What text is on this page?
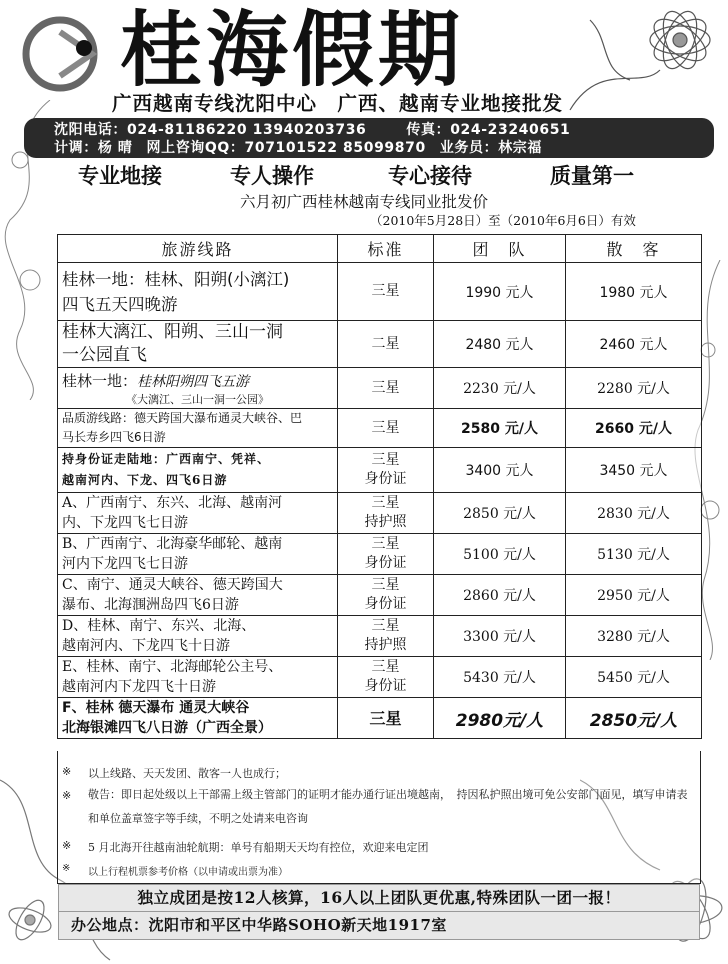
桂海假期
广西越南专线沈阳中心　广西、越南专业地接批发
沈阳电话：024-81186220 13940203736	传真：024-23240651
计调：杨 晴 网上咨询QQ：707101522 85099870 业务员：林宗福
专业地接	专人操作	专心接待	质量第一
六月初广西桂林越南专线同业批发价
（2010年5月28日）至（2010年6月6日）有效
旅游线路	标准	团　队	散　客
桂林一地：桂林、阳朔(小漓江)
四飞五天四晚游	三星	1990 元人	1980 元人
桂林大漓江、阳朔、三山一洞
一公园直飞	二星	2480 元人	2460 元人
桂林一地：桂林阳朔四飞五游
《大漓江、三山一洞一公园》	三星	2230 元/人	2280 元/人
品质游线路：德天跨国大瀑布通灵大峡谷、巴
马长寿乡四飞6日游	三星	2580 元/人	2660 元/人
持身份证走陆地：广西南宁、凭祥、
越南河内、下龙、四飞6日游	三星
身份证	3400 元人	3450 元人
A、广西南宁、东兴、北海、越南河
内、下龙四飞七日游	三星
持护照	2850 元/人	2830 元/人
B、广西南宁、北海豪华邮轮、越南
河内下龙四飞七日游	三星
身份证	5100 元/人	5130 元/人
C、南宁、通灵大峡谷、德天跨国大
瀑布、北海涠洲岛四飞6日游	三星
身份证	2860 元/人	2950 元/人
D、桂林、南宁、东兴、北海、
越南河内、下龙四飞十日游	三星
持护照	3300 元/人	3280 元/人
E、桂林、南宁、北海邮轮公主号、
越南河内下龙四飞十日游	三星
身份证	5430 元/人	5450 元/人
F、桂林 德天瀑布 通灵大峡谷
北海银滩四飞八日游（广西全景）	三星	2980元/人	2850元/人
※ 以上线路、天天发团、散客一人也成行；
※ 敬告：即日起处级以上干部需上级主管部门的证明才能办通行证出境越南，　持因私护照出境可免公安部门面见，填写申请表和单位盖章签字等手续，不明之处请来电咨询
※ 5 月北海开往越南油轮航期：单号有船期天天均有控位，欢迎来电定团
※ 以上行程机票参考价格（以申请或出票为准）
独立成团是按12人核算，16人以上团队更优惠,特殊团队一团一报！
办公地点：沈阳市和平区中华路SOHO新天地1917室
